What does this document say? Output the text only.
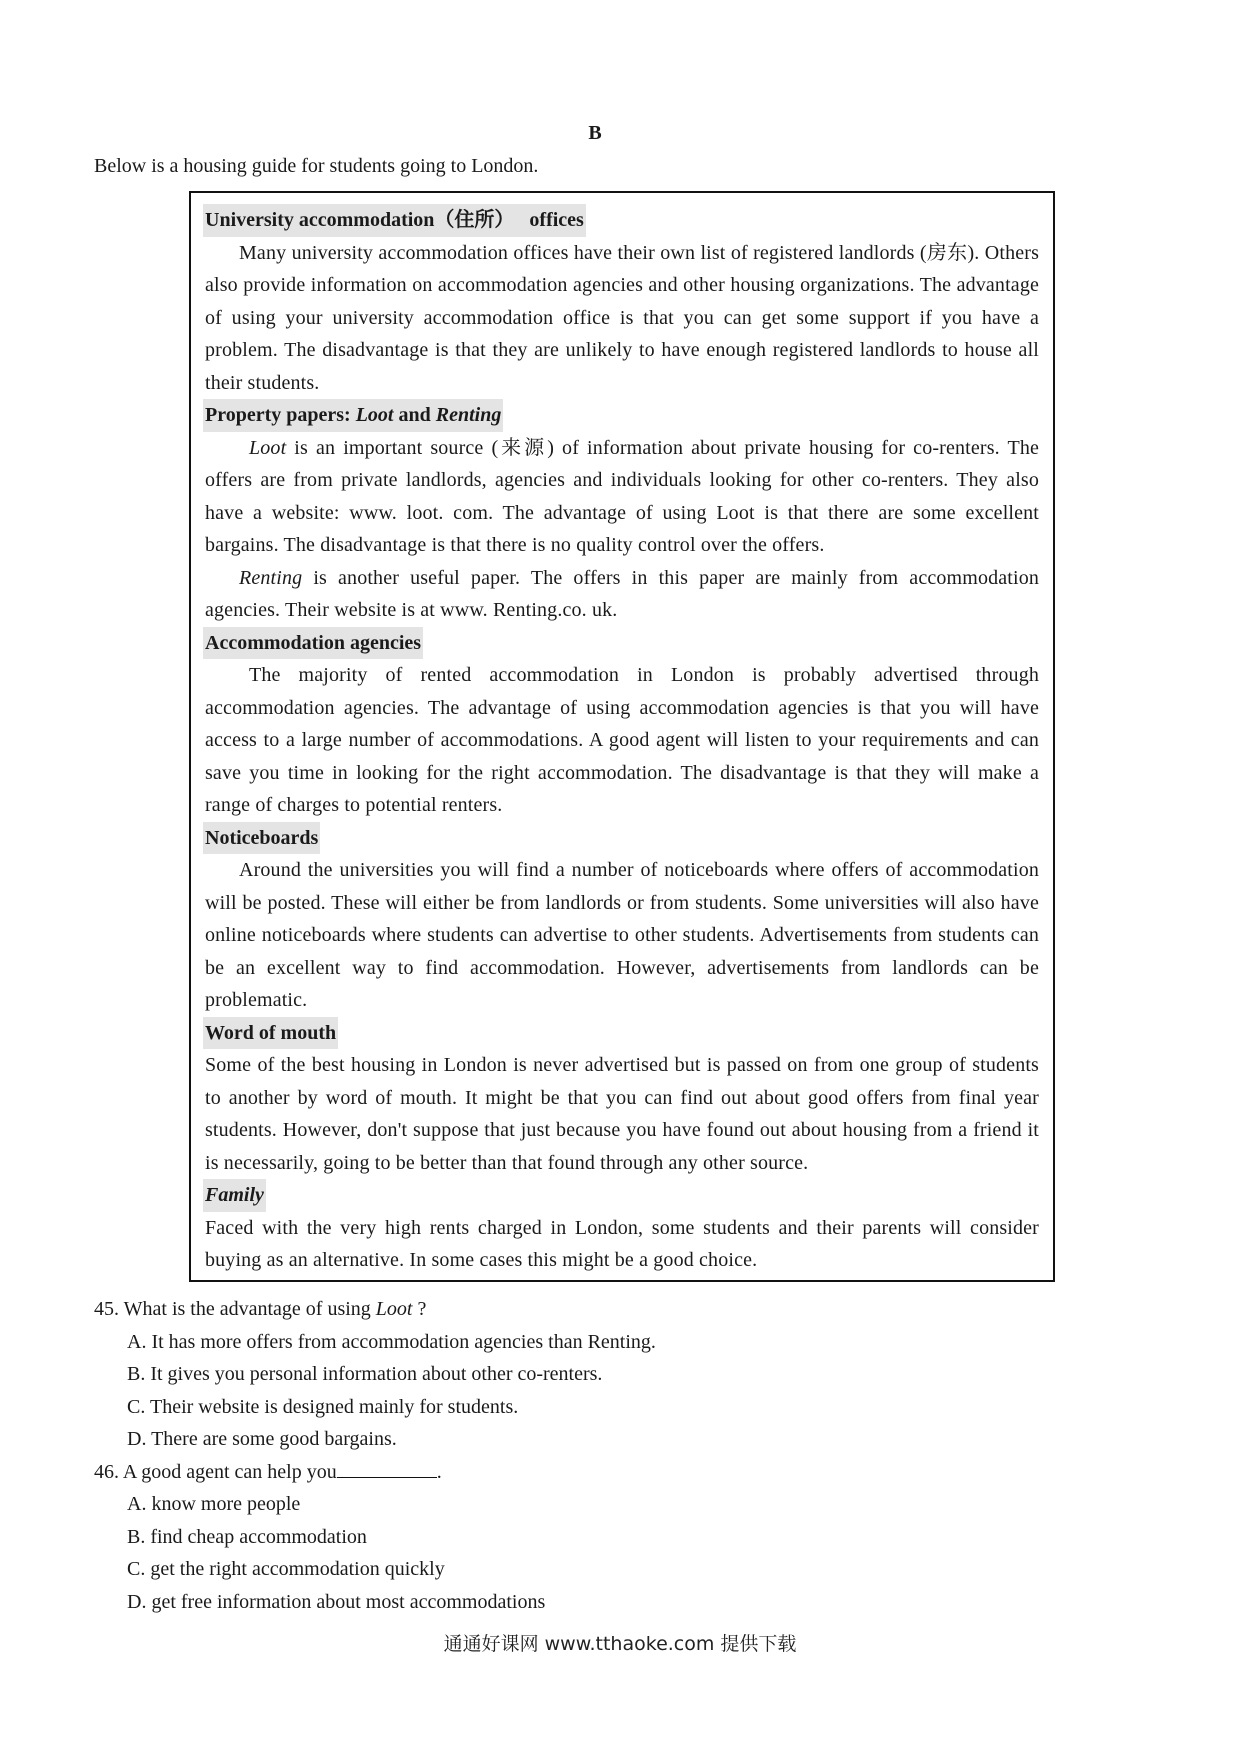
B
Below is a housing guide for students going to London.
University accommodation（住所） offices

Many university accommodation offices have their own list of registered landlords (房东). Others also provide information on accommodation agencies and other housing organizations. The advantage of using your university accommodation office is that you can get some support if you have a problem. The disadvantage is that they are unlikely to have enough registered landlords to house all their students.

Property papers: Loot and Renting

Loot is an important source (来源) of information about private housing for co-renters. The offers are from private landlords, agencies and individuals looking for other co-renters. They also have a website: www. loot. com. The advantage of using Loot is that there are some excellent bargains. The disadvantage is that there is no quality control over the offers.

Renting is another useful paper. The offers in this paper are mainly from accommodation agencies. Their website is at www. Renting.co. uk.

Accommodation agencies

The majority of rented accommodation in London is probably advertised through accommodation agencies. The advantage of using accommodation agencies is that you will have access to a large number of accommodations. A good agent will listen to your requirements and can save you time in looking for the right accommodation. The disadvantage is that they will make a range of charges to potential renters.

Noticeboards

Around the universities you will find a number of noticeboards where offers of accommodation will be posted. These will either be from landlords or from students. Some universities will also have online noticeboards where students can advertise to other students. Advertisements from students can be an excellent way to find accommodation. However, advertisements from landlords can be problematic.

Word of mouth

Some of the best housing in London is never advertised but is passed on from one group of students to another by word of mouth. It might be that you can find out about good offers from final year students. However, don't suppose that just because you have found out about housing from a friend it is necessarily, going to be better than that found through any other source.

Family

Faced with the very high rents charged in London, some students and their parents will consider buying as an alternative. In some cases this might be a good choice.

45. What is the advantage of using Loot ?
A. It has more offers from accommodation agencies than Renting.
B. It gives you personal information about other co-renters.
C. Their website is designed mainly for students.
D. There are some good bargains.
46. A good agent can help you	.
A. know more people
B. find cheap accommodation
C. get the right accommodation quickly
D. get free information about most accommodations
通通好课网 www.tthaoke.com 提供下载
